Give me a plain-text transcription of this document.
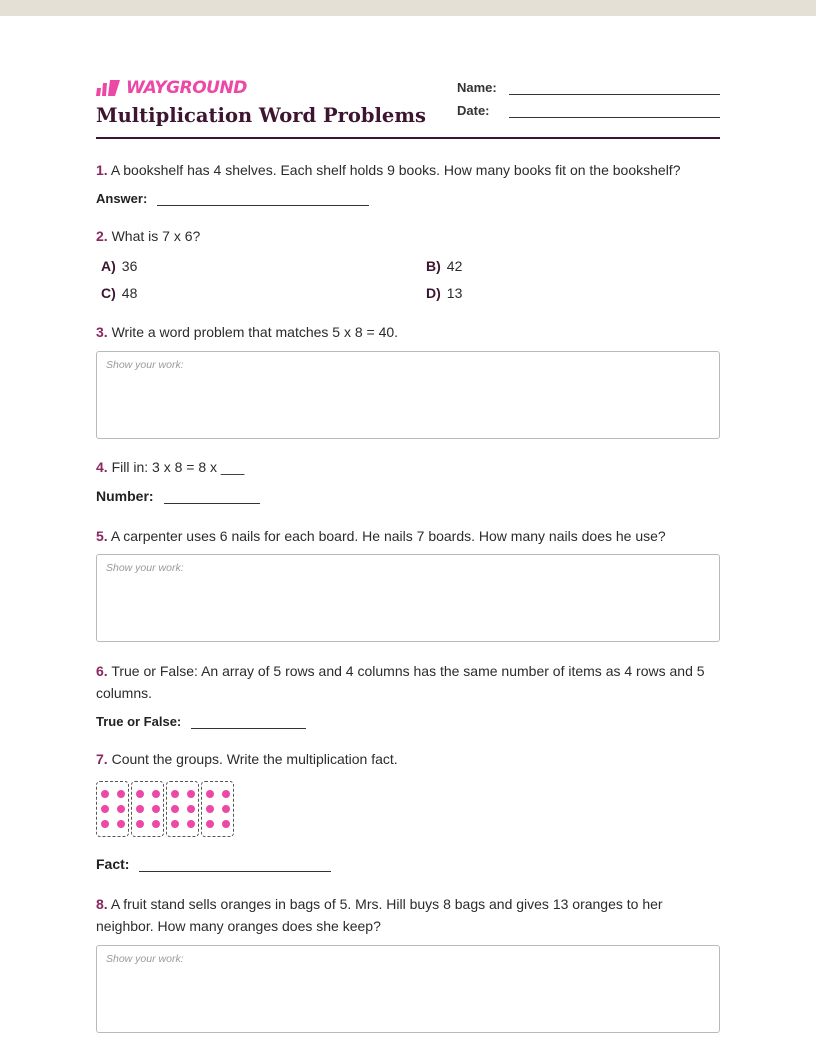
WAYGROUND
Multiplication Word Problems
Name:
Date:
1. A bookshelf has 4 shelves. Each shelf holds 9 books. How many books fit on the bookshelf?
Answer:
2. What is 7 x 6?
A) 36	B) 42
C) 48	D) 13
3. Write a word problem that matches 5 x 8 = 40.
Show your work:
4. Fill in: 3 x 8 = 8 x ___
Number:
5. A carpenter uses 6 nails for each board. He nails 7 boards. How many nails does he use?
Show your work:
6. True or False: An array of 5 rows and 4 columns has the same number of items as 4 rows and 5 columns.
True or False:
7. Count the groups. Write the multiplication fact.
Fact:
8. A fruit stand sells oranges in bags of 5. Mrs. Hill buys 8 bags and gives 13 oranges to her neighbor. How many oranges does she keep?
Show your work:
